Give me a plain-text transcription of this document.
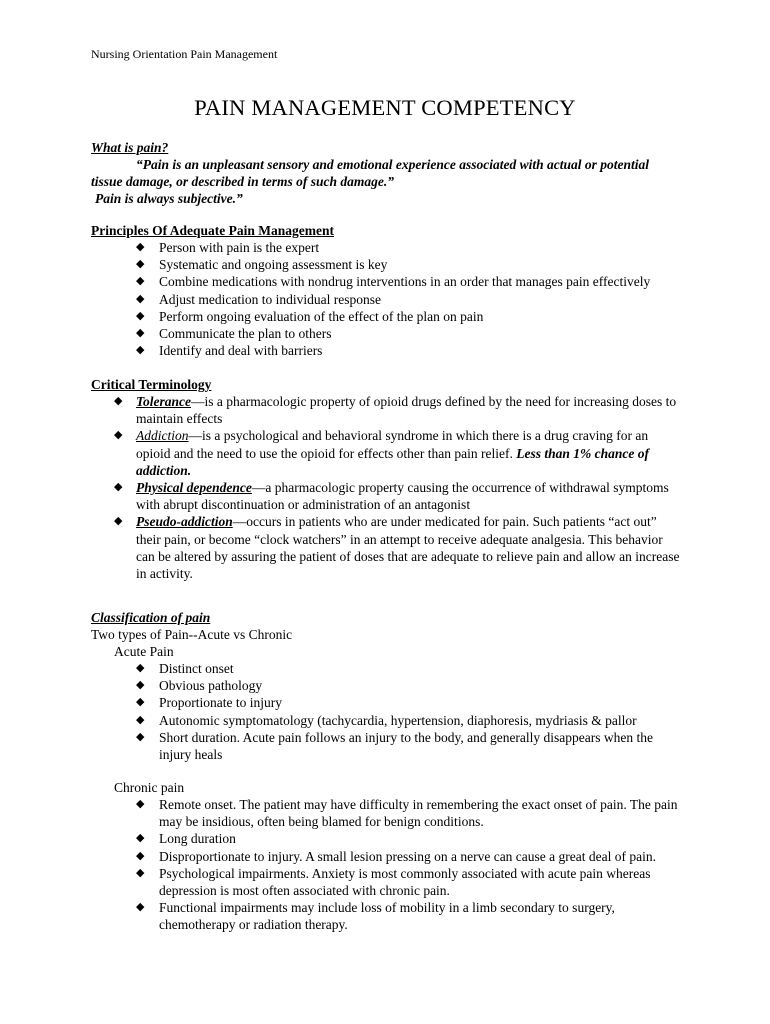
Nursing Orientation Pain Management
PAIN MANAGEMENT COMPETENCY
What is pain?
“Pain is an unpleasant sensory and emotional experience associated with actual or potential
tissue damage, or described in terms of such damage.”
Pain is always subjective.”
Principles Of Adequate Pain Management
◆ Person with pain is the expert
◆ Systematic and ongoing assessment is key
◆ Combine medications with nondrug interventions in an order that manages pain effectively
◆ Adjust medication to individual response
◆ Perform ongoing evaluation of the effect of the plan on pain
◆ Communicate the plan to others
◆ Identify and deal with barriers
Critical Terminology
◆ Tolerance—is a pharmacologic property of opioid drugs defined by the need for increasing doses to maintain effects
◆ Addiction—is a psychological and behavioral syndrome in which there is a drug craving for an opioid and the need to use the opioid for effects other than pain relief. Less than 1% chance of addiction.
◆ Physical dependence—a pharmacologic property causing the occurrence of withdrawal symptoms with abrupt discontinuation or administration of an antagonist
◆ Pseudo-addiction—occurs in patients who are under medicated for pain. Such patients “act out” their pain, or become “clock watchers” in an attempt to receive adequate analgesia. This behavior can be altered by assuring the patient of doses that are adequate to relieve pain and allow an increase in activity.
Classification of pain
Two types of Pain--Acute vs Chronic
Acute Pain
◆ Distinct onset
◆ Obvious pathology
◆ Proportionate to injury
◆ Autonomic symptomatology (tachycardia, hypertension, diaphoresis, mydriasis & pallor
◆ Short duration. Acute pain follows an injury to the body, and generally disappears when the injury heals
Chronic pain
◆ Remote onset. The patient may have difficulty in remembering the exact onset of pain. The pain may be insidious, often being blamed for benign conditions.
◆ Long duration
◆ Disproportionate to injury. A small lesion pressing on a nerve can cause a great deal of pain.
◆ Psychological impairments. Anxiety is most commonly associated with acute pain whereas depression is most often associated with chronic pain.
◆ Functional impairments may include loss of mobility in a limb secondary to surgery, chemotherapy or radiation therapy.
